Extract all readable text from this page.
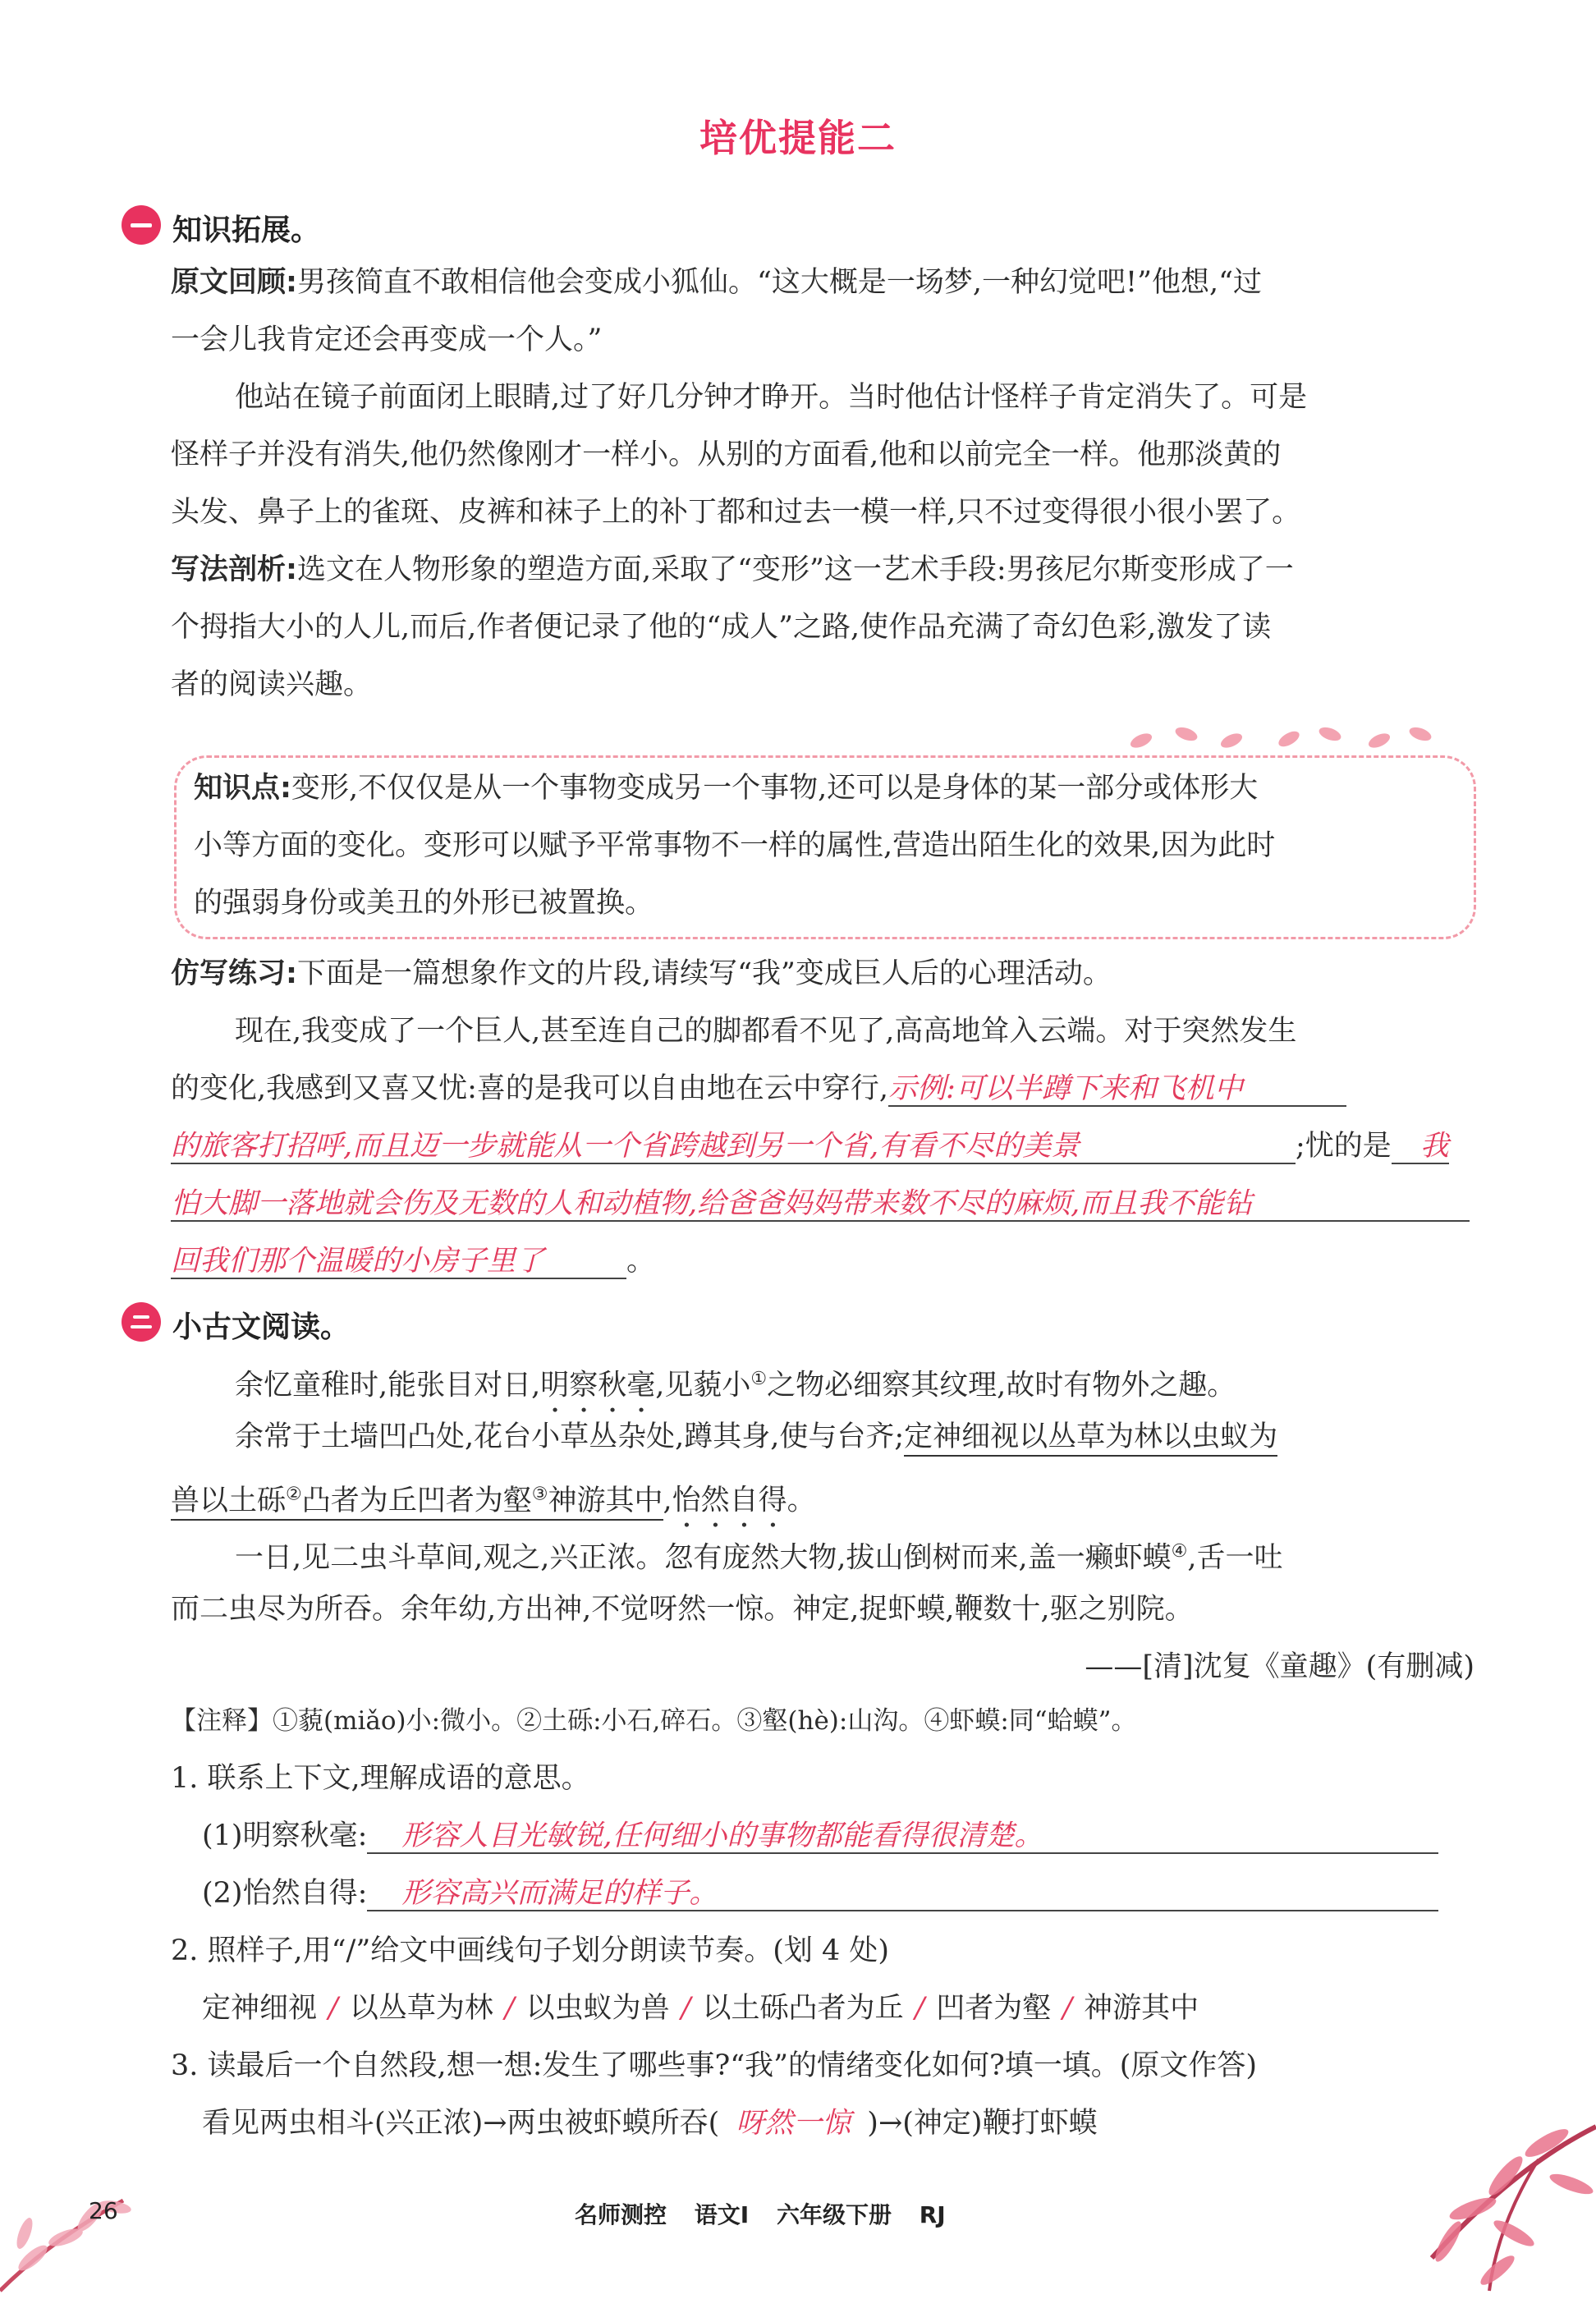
培优提能二
知识拓展。
原文回顾:男孩简直不敢相信他会变成小狐仙。“这大概是一场梦,一种幻觉吧!”他想,“过
一会儿我肯定还会再变成一个人。”
他站在镜子前面闭上眼睛,过了好几分钟才睁开。当时他估计怪样子肯定消失了。可是
怪样子并没有消失,他仍然像刚才一样小。从别的方面看,他和以前完全一样。他那淡黄的
头发、鼻子上的雀斑、皮裤和袜子上的补丁都和过去一模一样,只不过变得很小很小罢了。
写法剖析:选文在人物形象的塑造方面,采取了“变形”这一艺术手段:男孩尼尔斯变形成了一
个拇指大小的人儿,而后,作者便记录了他的“成人”之路,使作品充满了奇幻色彩,激发了读
者的阅读兴趣。
知识点:变形,不仅仅是从一个事物变成另一个事物,还可以是身体的某一部分或体形大
小等方面的变化。变形可以赋予平常事物不一样的属性,营造出陌生化的效果,因为此时
的强弱身份或美丑的外形已被置换。
仿写练习:下面是一篇想象作文的片段,请续写“我”变成巨人后的心理活动。
现在,我变成了一个巨人,甚至连自己的脚都看不见了,高高地耸入云端。对于突然发生
的变化,我感到又喜又忧:喜的是我可以自由地在云中穿行,示例:可以半蹲下来和飞机中
的旅客打招呼,而且迈一步就能从一个省跨越到另一个省,有看不尽的美景	;忧的是 我
怕大脚一落地就会伤及无数的人和动植物,给爸爸妈妈带来数不尽的麻烦,而且我不能钻
回我们那个温暖的小房子里了	。
小古文阅读。
余忆童稚时,能张目对日,明察秋毫,见藐小①之物必细察其纹理,故时有物外之趣。
余常于土墙凹凸处,花台小草丛杂处,蹲其身,使与台齐;定神细视以丛草为林以虫蚁为
兽以土砾②凸者为丘凹者为壑③神游其中,怡然自得。
一日,见二虫斗草间,观之,兴正浓。忽有庞然大物,拔山倒树而来,盖一癞虾蟆④,舌一吐
而二虫尽为所吞。余年幼,方出神,不觉呀然一惊。神定,捉虾蟆,鞭数十,驱之别院。
——[清]沈复《童趣》(有删减)
【注释】①藐(miǎo)小:微小。②土砾:小石,碎石。③壑(hè):山沟。④虾蟆:同“蛤蟆”。
1. 联系上下文,理解成语的意思。
(1)明察秋毫: 形容人目光敏锐,任何细小的事物都能看得很清楚。
(2)怡然自得: 形容高兴而满足的样子。
2. 照样子,用“/”给文中画线句子划分朗读节奏。(划 4 处)
定神细视 / 以丛草为林 / 以虫蚁为兽 / 以土砾凸者为丘 / 凹者为壑 / 神游其中
3. 读最后一个自然段,想一想:发生了哪些事?“我”的情绪变化如何?填一填。(原文作答)
看见两虫相斗(兴正浓)→两虫被虾蟆所吞( 呀然一惊 )→(神定)鞭打虾蟆
26	名师测控 语文Ⅰ 六年级下册 RJ
